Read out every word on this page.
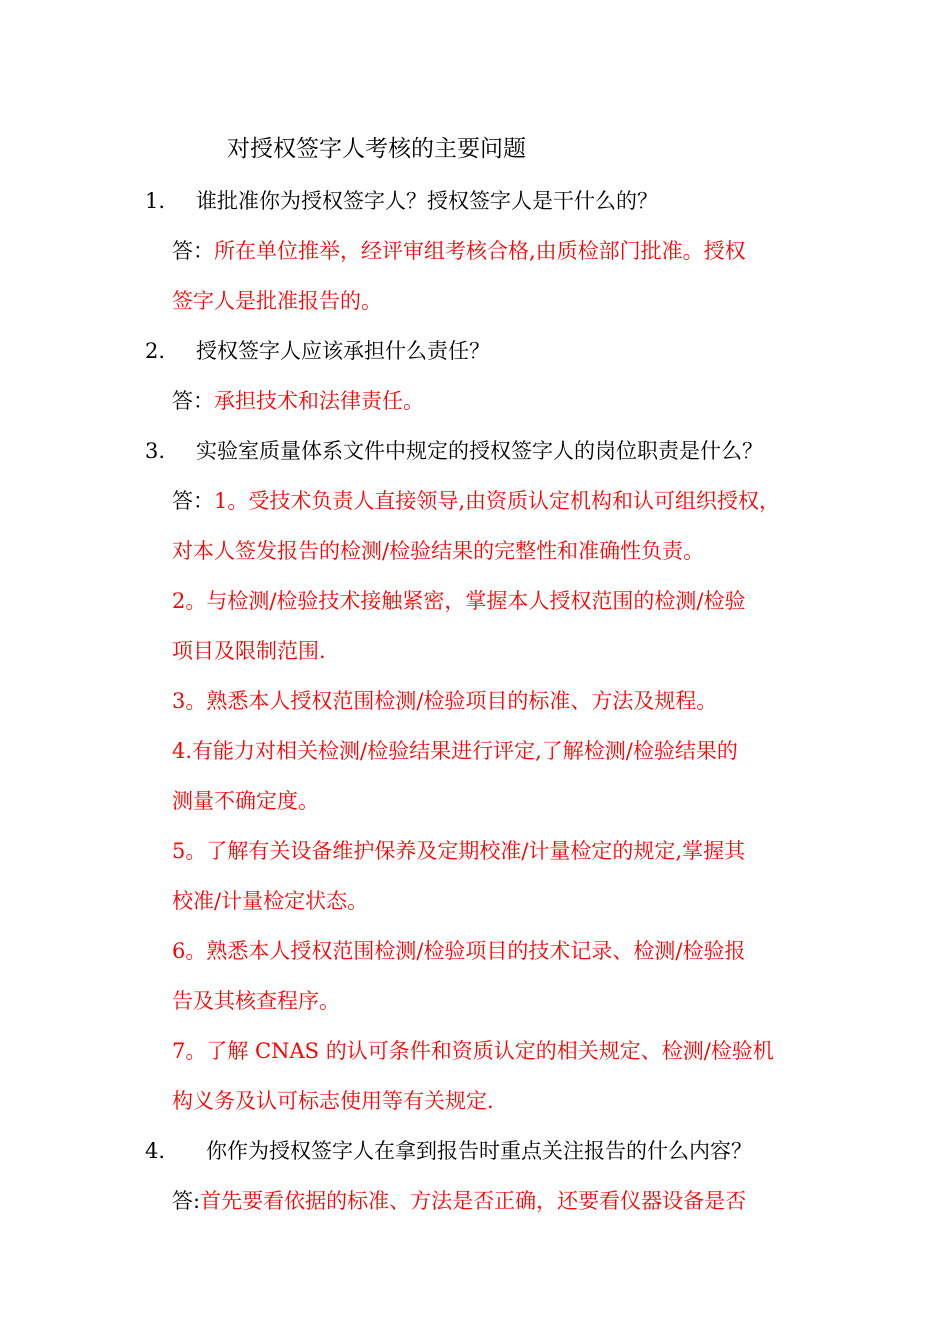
对授权签字人考核的主要问题
1. 谁批准你为授权签字人？授权签字人是干什么的？
答：所在单位推举，经评审组考核合格,由质检部门批准。授权
签字人是批准报告的。
2. 授权签字人应该承担什么责任？
答：承担技术和法律责任。
3. 实验室质量体系文件中规定的授权签字人的岗位职责是什么？
答：1。受技术负责人直接领导,由资质认定机构和认可组织授权，
对本人签发报告的检测/检验结果的完整性和准确性负责。
2。与检测/检验技术接触紧密，掌握本人授权范围的检测/检验
项目及限制范围.
3。熟悉本人授权范围检测/检验项目的标准、方法及规程。
4.有能力对相关检测/检验结果进行评定,了解检测/检验结果的
测量不确定度。
5。了解有关设备维护保养及定期校准/计量检定的规定,掌握其
校准/计量检定状态。
6。熟悉本人授权范围检测/检验项目的技术记录、检测/检验报
告及其核查程序。
7。了解 CNAS 的认可条件和资质认定的相关规定、检测/检验机
构义务及认可标志使用等有关规定.
4. 你作为授权签字人在拿到报告时重点关注报告的什么内容？
答:首先要看依据的标准、方法是否正确，还要看仪器设备是否
